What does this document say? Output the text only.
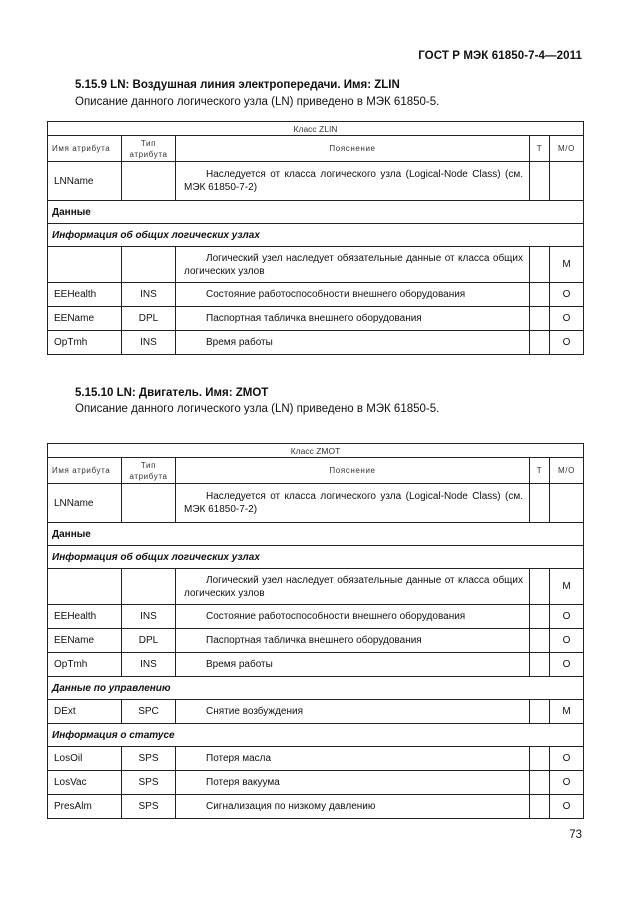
ГОСТ Р МЭК 61850-7-4—2011
5.15.9 LN: Воздушная линия электропередачи. Имя: ZLIN
Описание данного логического узла (LN) приведено в МЭК 61850-5.
Класс ZLIN				
Имя атрибута	Тип атрибута	Пояснение	T	М/О
LNName		Наследуется от класса логического узла (Logical-Node Class) (см. МЭК 61850-7-2)		

Данные				
Информация об общих логических узлах				

		Логический узел наследует обязательные данные от класса общих логических узлов		M
EEHealth	INS	Состояние работоспособности внешнего оборудования		O
EEName	DPL	Паспортная табличка внешнего оборудования		O
OpTmh	INS	Время работы		O
5.15.10 LN: Двигатель. Имя: ZMOT
Описание данного логического узла (LN) приведено в МЭК 61850-5.
Класс ZMOT				
Имя атрибута	Тип атрибута	Пояснение	T	М/О
LNName		Наследуется от класса логического узла (Logical-Node Class) (см. МЭК 61850-7-2)		

Данные				
Информация об общих логических узлах				

		Логический узел наследует обязательные данные от класса общих логических узлов		M
EEHealth	INS	Состояние работоспособности внешнего оборудования		O
EEName	DPL	Паспортная табличка внешнего оборудования		O
OpTmh	INS	Время работы		O
Данные по управлению				
DExt	SPC	Снятие возбуждения		M
Информация о статусе				
LosOil	SPS	Потеря масла		O
LosVac	SPS	Потеря вакуума		O
PresAlm	SPS	Сигнализация по низкому давлению		O
73
